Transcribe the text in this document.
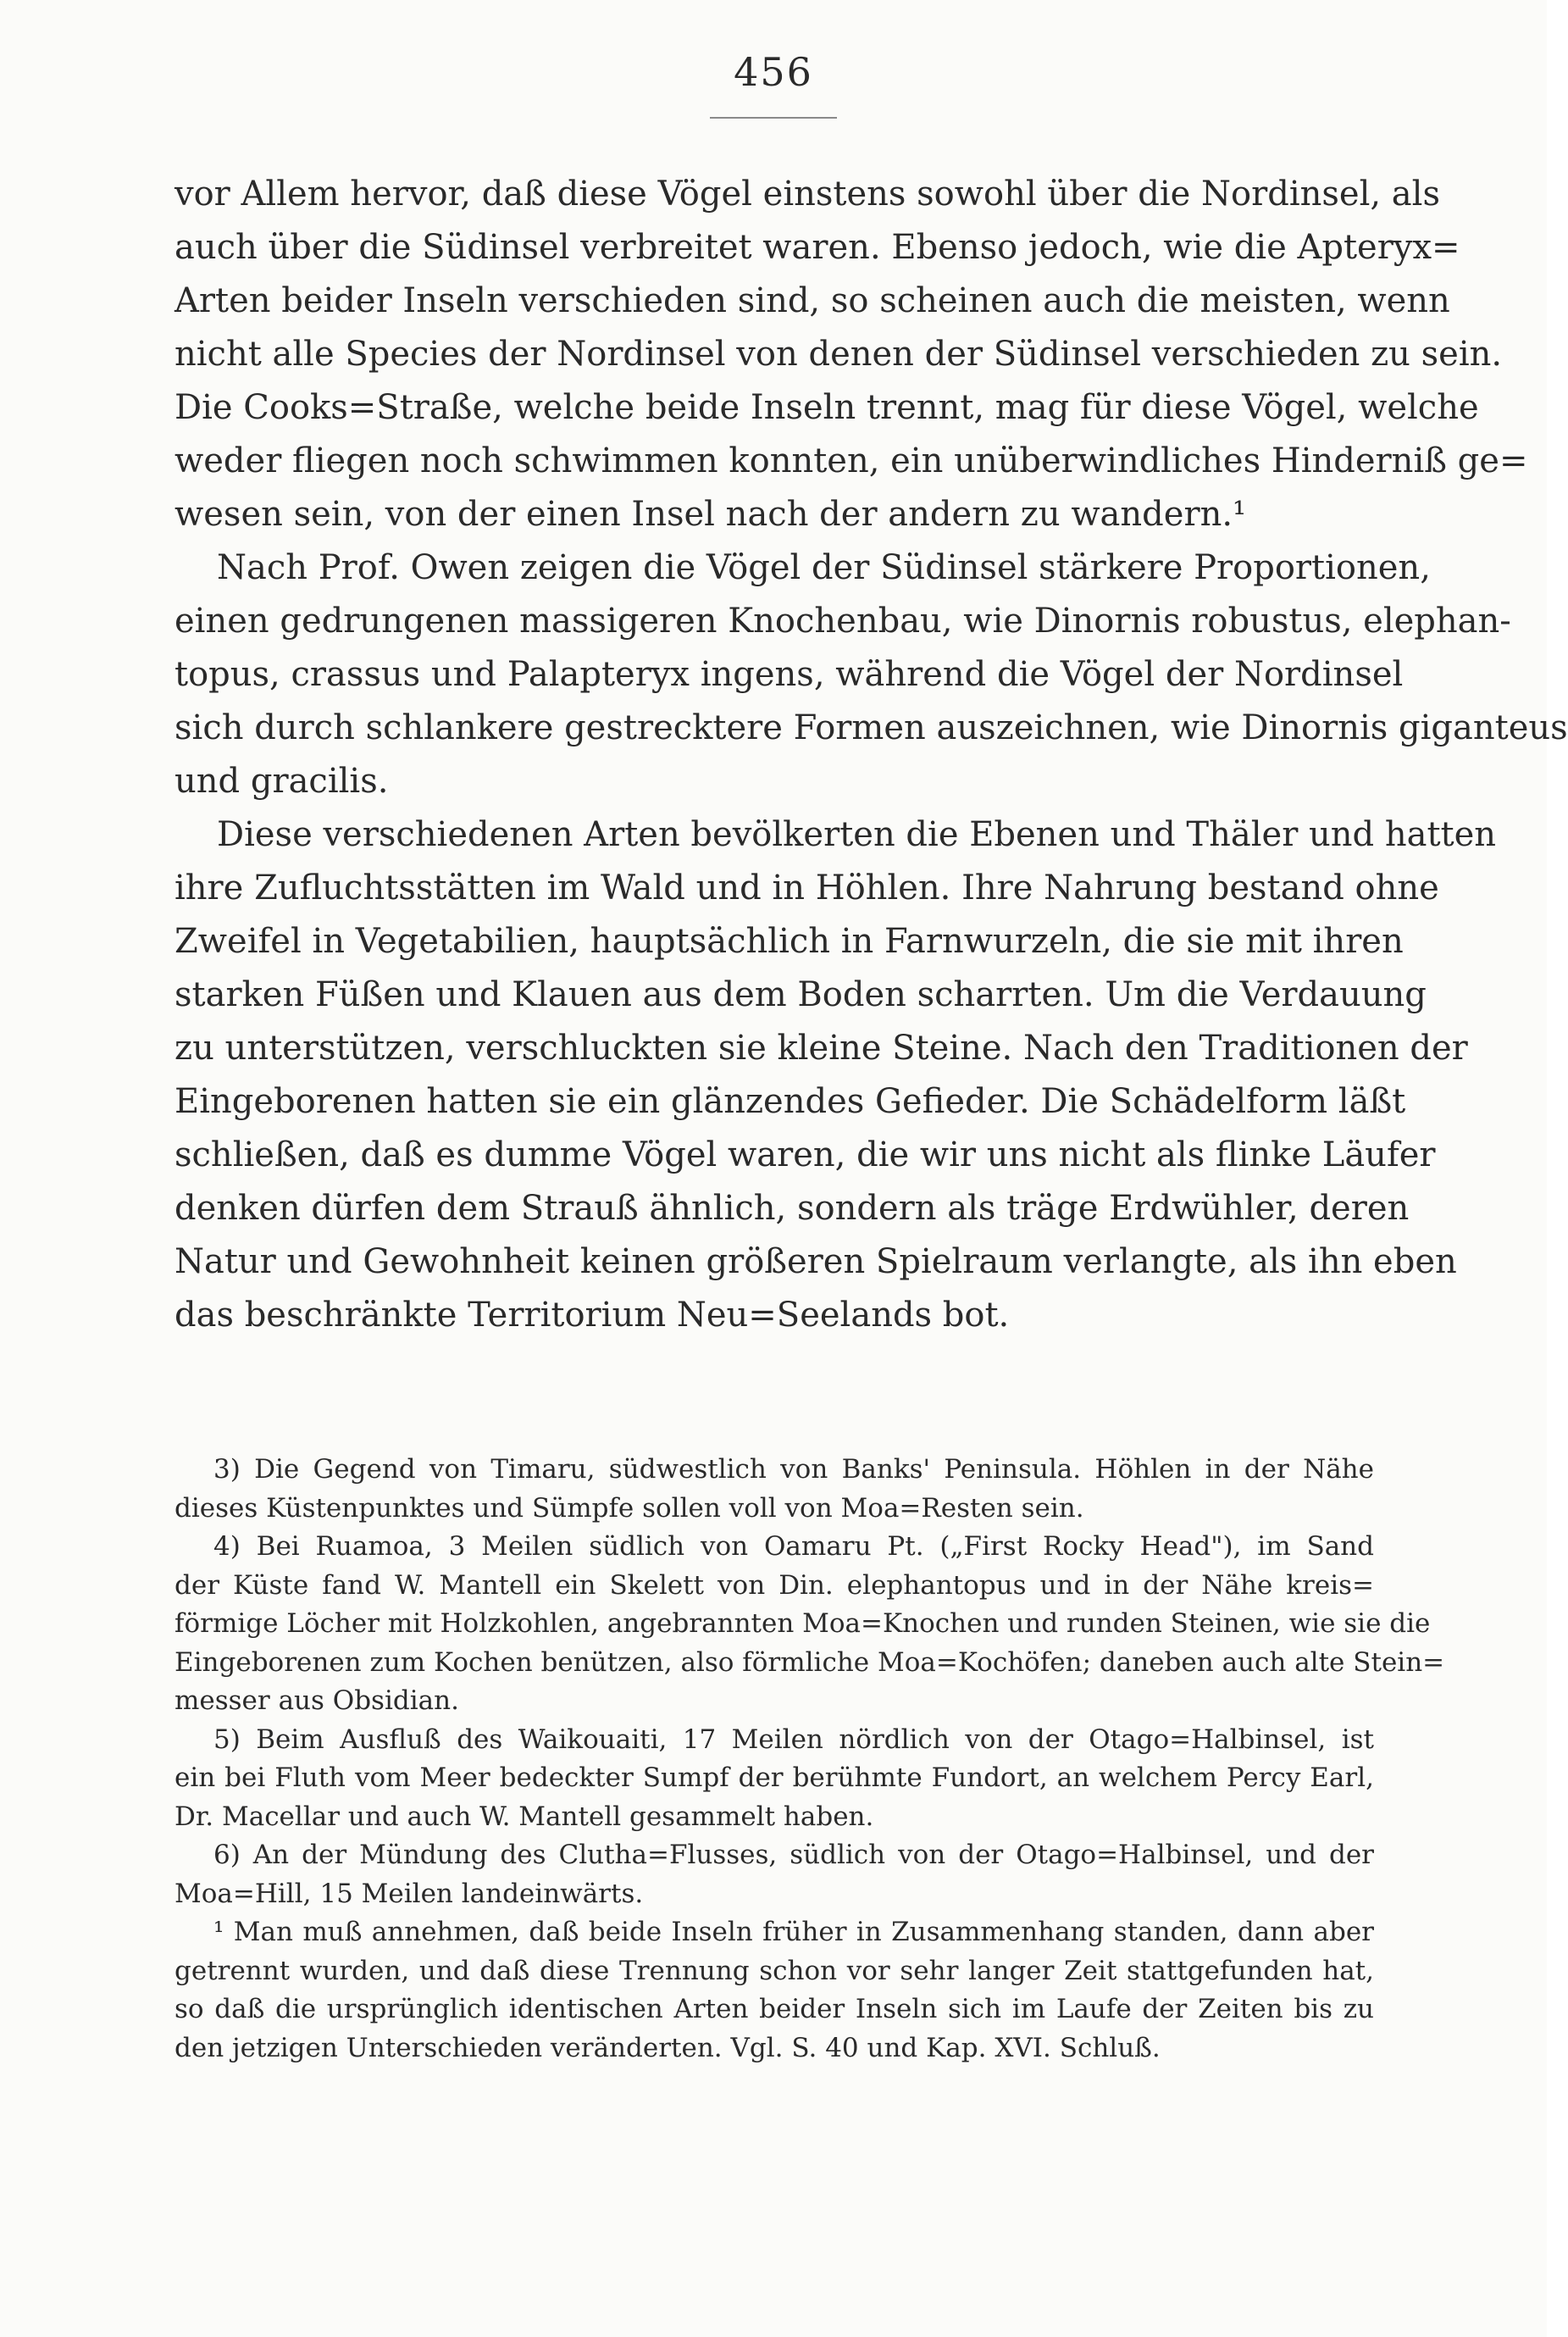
456

vor Allem hervor, daß diese Vögel einstens sowohl über die Nordinsel, als
auch über die Südinsel verbreitet waren. Ebenso jedoch, wie die Apteryx=
Arten beider Inseln verschieden sind, so scheinen auch die meisten, wenn
nicht alle Species der Nordinsel von denen der Südinsel verschieden zu sein.
Die Cooks=Straße, welche beide Inseln trennt, mag für diese Vögel, welche
weder fliegen noch schwimmen konnten, ein unüberwindliches Hinderniß ge=
wesen sein, von der einen Insel nach der andern zu wandern.¹

Nach Prof. Owen zeigen die Vögel der Südinsel stärkere Proportionen,
einen gedrungenen massigeren Knochenbau, wie Dinornis robustus, elephan-
topus, crassus und Palapteryx ingens, während die Vögel der Nordinsel
sich durch schlankere gestrecktere Formen auszeichnen, wie Dinornis giganteus
und gracilis.

Diese verschiedenen Arten bevölkerten die Ebenen und Thäler und hatten
ihre Zufluchtsstätten im Wald und in Höhlen. Ihre Nahrung bestand ohne
Zweifel in Vegetabilien, hauptsächlich in Farnwurzeln, die sie mit ihren
starken Füßen und Klauen aus dem Boden scharrten. Um die Verdauung
zu unterstützen, verschluckten sie kleine Steine. Nach den Traditionen der
Eingeborenen hatten sie ein glänzendes Gefieder. Die Schädelform läßt
schließen, daß es dumme Vögel waren, die wir uns nicht als flinke Läufer
denken dürfen dem Strauß ähnlich, sondern als träge Erdwühler, deren
Natur und Gewohnheit keinen größeren Spielraum verlangte, als ihn eben
das beschränkte Territorium Neu=Seelands bot.

3) Die Gegend von Timaru, südwestlich von Banks' Peninsula. Höhlen in der Nähe
dieses Küstenpunktes und Sümpfe sollen voll von Moa=Resten sein.
4) Bei Ruamoa, 3 Meilen südlich von Oamaru Pt. („First Rocky Head"), im Sand
der Küste fand W. Mantell ein Skelett von Din. elephantopus und in der Nähe kreis=
förmige Löcher mit Holzkohlen, angebrannten Moa=Knochen und runden Steinen, wie sie die
Eingeborenen zum Kochen benützen, also förmliche Moa=Kochöfen; daneben auch alte Stein=
messer aus Obsidian.
5) Beim Ausfluß des Waikouaiti, 17 Meilen nördlich von der Otago=Halbinsel, ist
ein bei Fluth vom Meer bedeckter Sumpf der berühmte Fundort, an welchem Percy Earl,
Dr. Macellar und auch W. Mantell gesammelt haben.
6) An der Mündung des Clutha=Flusses, südlich von der Otago=Halbinsel, und der
Moa=Hill, 15 Meilen landeinwärts.
¹ Man muß annehmen, daß beide Inseln früher in Zusammenhang standen, dann aber
getrennt wurden, und daß diese Trennung schon vor sehr langer Zeit stattgefunden hat,
so daß die ursprünglich identischen Arten beider Inseln sich im Laufe der Zeiten bis zu
den jetzigen Unterschieden veränderten. Vgl. S. 40 und Kap. XVI. Schluß.
